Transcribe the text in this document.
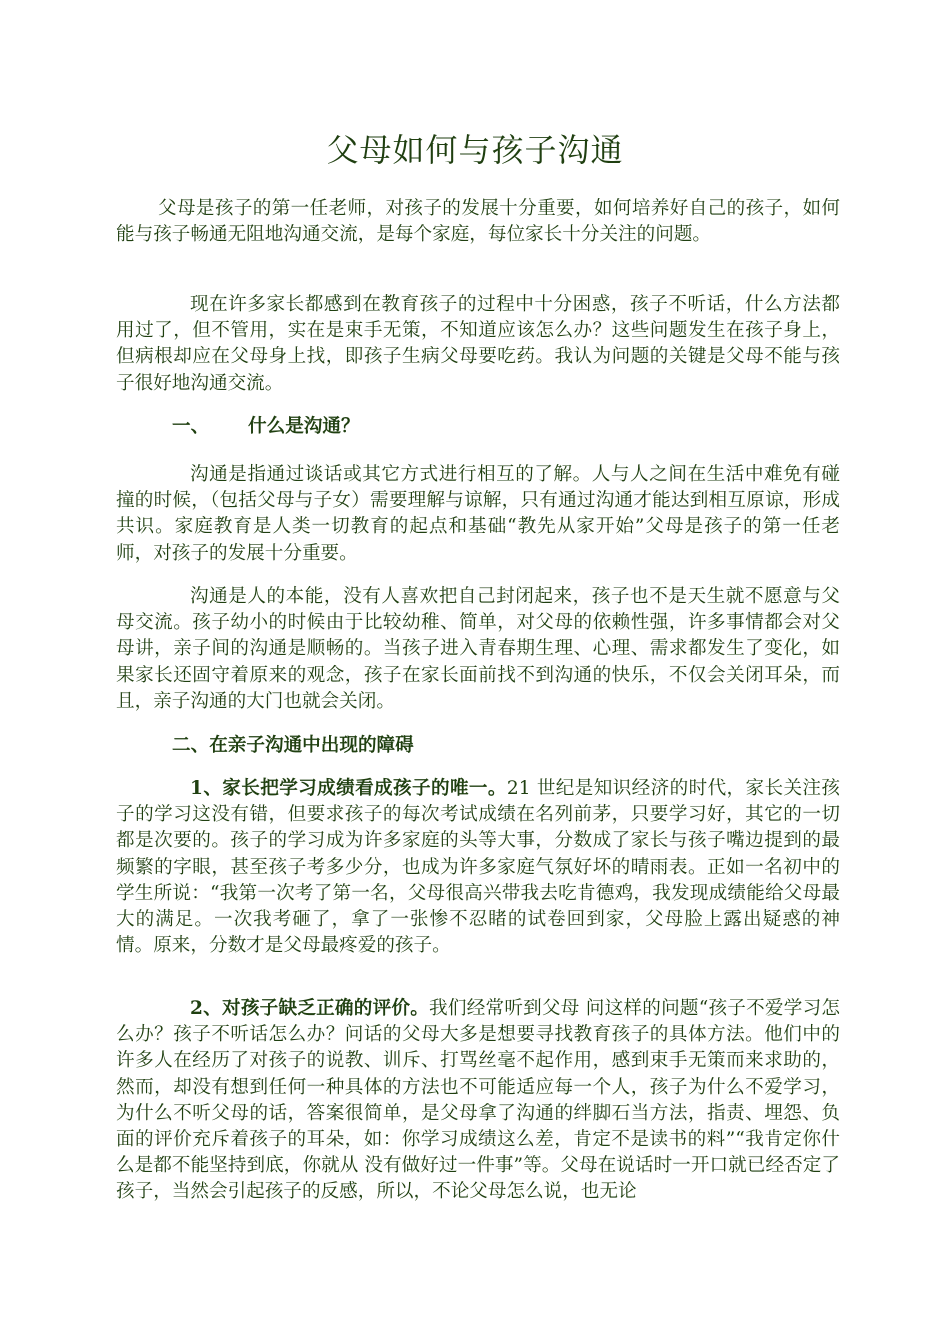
父母如何与孩子沟通

父母是孩子的第一任老师，对孩子的发展十分重要，如何培养好自己的孩子，如何能与孩子畅通无阻地沟通交流，是每个家庭，每位家长十分关注的问题。

现在许多家长都感到在教育孩子的过程中十分困惑，孩子不听话，什么方法都用过了，但不管用，实在是束手无策，不知道应该怎么办？这些问题发生在孩子身上，但病根却应在父母身上找，即孩子生病父母要吃药。我认为问题的关键是父母不能与孩子很好地沟通交流。

一、 什么是沟通？

沟通是指通过谈话或其它方式进行相互的了解。人与人之间在生活中难免有碰撞的时候，（包括父母与子女）需要理解与谅解，只有通过沟通才能达到相互原谅，形成共识。家庭教育是人类一切教育的起点和基础“教先从家开始”父母是孩子的第一任老师，对孩子的发展十分重要。

沟通是人的本能，没有人喜欢把自己封闭起来，孩子也不是天生就不愿意与父母交流。孩子幼小的时候由于比较幼稚、简单，对父母的依赖性强，许多事情都会对父母讲，亲子间的沟通是顺畅的。当孩子进入青春期生理、心理、需求都发生了变化，如果家长还固守着原来的观念，孩子在家长面前找不到沟通的快乐，不仅会关闭耳朵，而且，亲子沟通的大门也就会关闭。

二、在亲子沟通中出现的障碍

1、家长把学习成绩看成孩子的唯一。21 世纪是知识经济的时代，家长关注孩子的学习这没有错，但要求孩子的每次考试成绩在名列前茅，只要学习好，其它的一切都是次要的。孩子的学习成为许多家庭的头等大事，分数成了家长与孩子嘴边提到的最频繁的字眼，甚至孩子考多少分，也成为许多家庭气氛好坏的晴雨表。正如一名初中的学生所说：“我第一次考了第一名，父母很高兴带我去吃肯德鸡，我发现成绩能给父母最大的满足。一次我考砸了，拿了一张惨不忍睹的试卷回到家，父母脸上露出疑惑的神情。原来，分数才是父母最疼爱的孩子。

2、对孩子缺乏正确的评价。我们经常听到父母 问这样的问题“孩子不爱学习怎么办？孩子不听话怎么办？问话的父母大多是想要寻找教育孩子的具体方法。他们中的许多人在经历了对孩子的说教、训斥、打骂丝毫不起作用，感到束手无策而来求助的，然而，却没有想到任何一种具体的方法也不可能适应每一个人，孩子为什么不爱学习，为什么不听父母的话，答案很简单，是父母拿了沟通的绊脚石当方法，指责、埋怨、负面的评价充斥着孩子的耳朵，如：你学习成绩这么差，肯定不是读书的料”“我肯定你什么是都不能坚持到底，你就从 没有做好过一件事”等。父母在说话时一开口就已经否定了孩子，当然会引起孩子的反感，所以，不论父母怎么说，也无论
